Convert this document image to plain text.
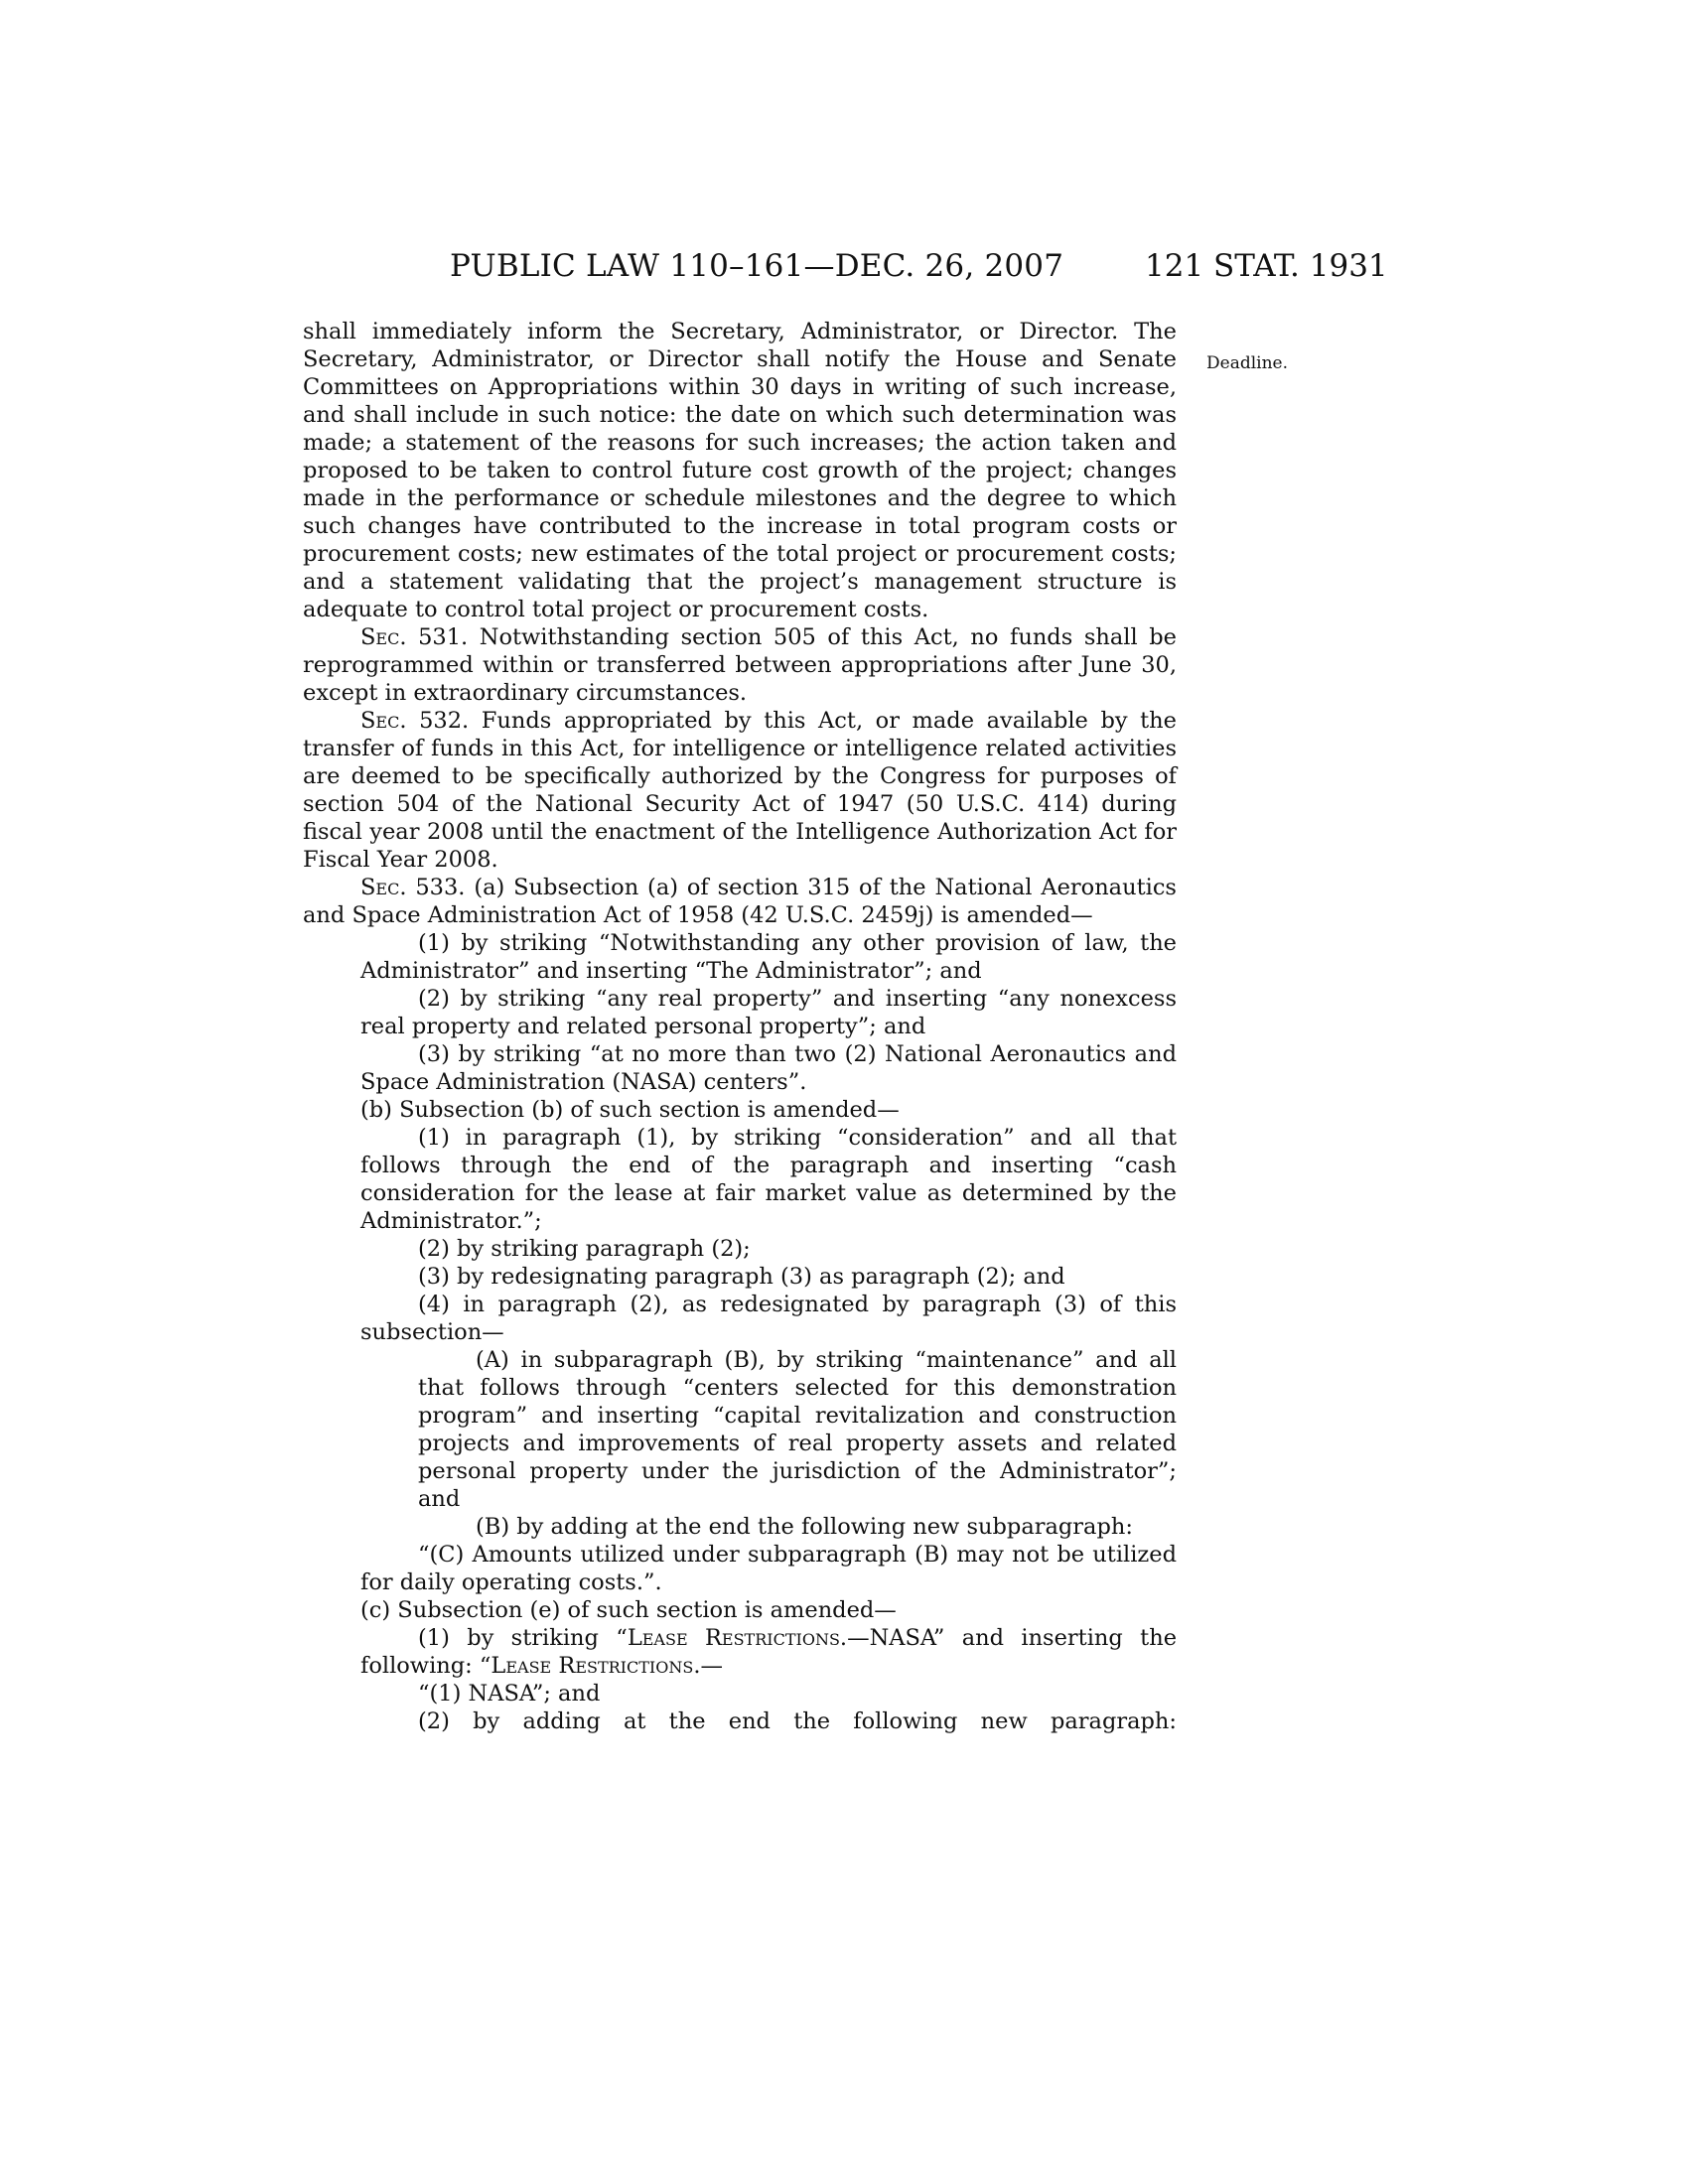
PUBLIC LAW 110–161—DEC. 26, 2007	121 STAT. 1931
Deadline.

shall immediately inform the Secretary, Administrator, or Director. The Secretary, Administrator, or Director shall notify the House and Senate Committees on Appropriations within 30 days in writing of such increase, and shall include in such notice: the date on which such determination was made; a statement of the reasons for such increases; the action taken and proposed to be taken to control future cost growth of the project; changes made in the performance or schedule milestones and the degree to which such changes have contributed to the increase in total program costs or procurement costs; new estimates of the total project or procurement costs; and a statement validating that the project’s management structure is adequate to control total project or procurement costs.

Sec. 531. Notwithstanding section 505 of this Act, no funds shall be reprogrammed within or transferred between appropriations after June 30, except in extraordinary circumstances.

Sec. 532. Funds appropriated by this Act, or made available by the transfer of funds in this Act, for intelligence or intelligence related activities are deemed to be specifically authorized by the Congress for purposes of section 504 of the National Security Act of 1947 (50 U.S.C. 414) during fiscal year 2008 until the enactment of the Intelligence Authorization Act for Fiscal Year 2008.

Sec. 533. (a) Subsection (a) of section 315 of the National Aeronautics and Space Administration Act of 1958 (42 U.S.C. 2459j) is amended—

(1) by striking “Notwithstanding any other provision of law, the Administrator” and inserting “The Administrator”; and

(2) by striking “any real property” and inserting “any nonexcess real property and related personal property”; and

(3) by striking “at no more than two (2) National Aeronautics and Space Administration (NASA) centers”.

(b) Subsection (b) of such section is amended—

(1) in paragraph (1), by striking “consideration” and all that follows through the end of the paragraph and inserting “cash consideration for the lease at fair market value as determined by the Administrator.”;

(2) by striking paragraph (2);

(3) by redesignating paragraph (3) as paragraph (2); and

(4) in paragraph (2), as redesignated by paragraph (3) of this subsection—

(A) in subparagraph (B), by striking “maintenance” and all that follows through “centers selected for this demonstration program” and inserting “capital revitalization and construction projects and improvements of real property assets and related personal property under the jurisdiction of the Administrator”; and

(B) by adding at the end the following new subparagraph:

“(C) Amounts utilized under subparagraph (B) may not be utilized for daily operating costs.”.

(c) Subsection (e) of such section is amended—

(1) by striking “Lease Restrictions.—NASA” and inserting the following: “Lease Restrictions.—

“(1) NASA”; and

(2) by adding at the end the following new paragraph:
